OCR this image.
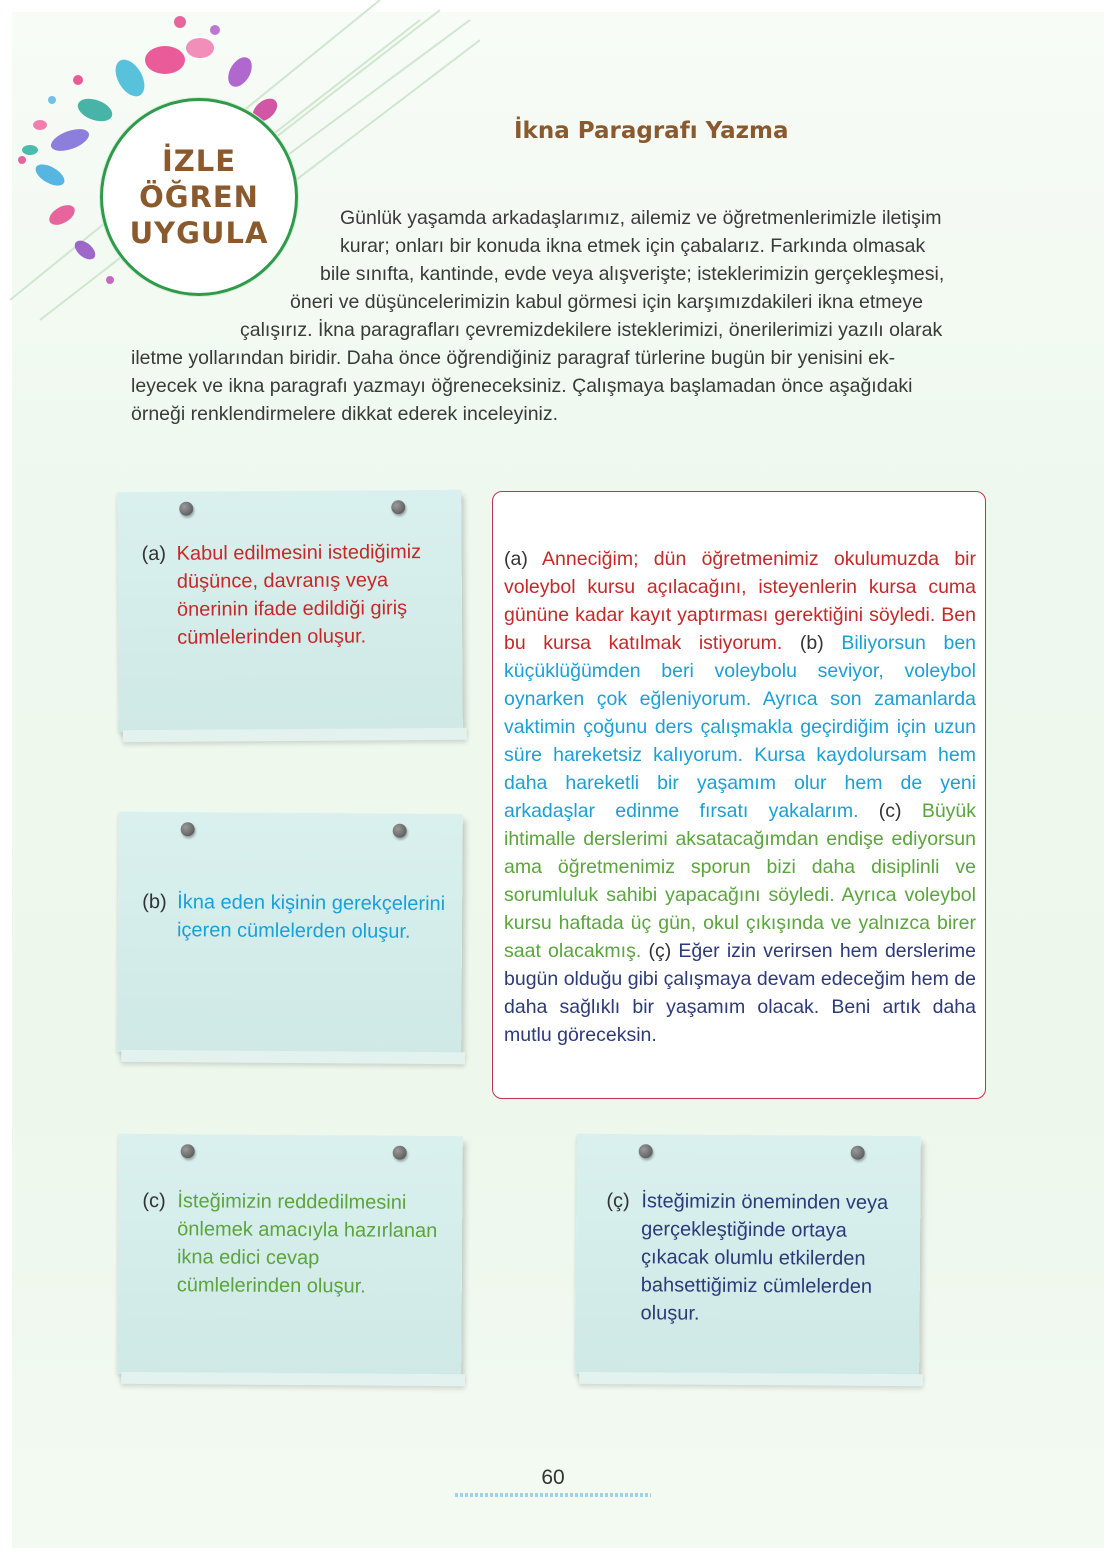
İZLE
ÖĞREN
UYGULA
İkna Paragrafı Yazma
Günlük yaşamda arkadaşlarımız, ailemiz ve öğretmenlerimizle iletişim
kurar; onları bir konuda ikna etmek için çabalarız. Farkında olmasak
bile sınıfta, kantinde, evde veya alışverişte; isteklerimizin gerçekleşmesi,
öneri ve düşüncelerimizin kabul görmesi için karşımızdakileri ikna etmeye
çalışırız. İkna paragrafları çevremizdekilere isteklerimizi, önerilerimizi yazılı olarak
iletme yollarından biridir. Daha önce öğrendiğiniz paragraf türlerine bugün bir yenisini ek-
leyecek ve ikna paragrafı yazmayı öğreneceksiniz. Çalışmaya başlamadan önce aşağıdaki
örneği renklendirmelere dikkat ederek inceleyiniz.
(a) Kabul edilmesini istediğimiz düşünce, davranış veya önerinin ifade edildiği giriş cümlelerinden oluşur.
(b) İkna eden kişinin gerekçelerini içeren cümlelerden oluşur.
(c) İsteğimizin reddedilmesini önlemek amacıyla hazırlanan ikna edici cevap cümlelerinden oluşur.
(ç) İsteğimizin öneminden veya gerçekleştiğinde ortaya çıkacak olumlu etkilerden bahsettiğimiz cümlelerden oluşur.
(a) Anneciğim; dün öğretmenimiz okulumuzda bir voleybol kursu açılacağını, isteyenlerin kursa cuma gününe kadar kayıt yaptırması gerektiğini söyledi. Ben bu kursa katılmak istiyorum. (b) Biliyorsun ben küçüklüğümden beri voleybolu seviyor, voleybol oynarken çok eğleniyorum. Ayrıca son zamanlarda vaktimin çoğunu ders çalışmakla geçirdiğim için uzun süre hareketsiz kalıyorum. Kursa kaydolursam hem daha hareketli bir yaşamım olur hem de yeni arkadaşlar edinme fırsatı yakalarım. (c) Büyük ihtimalle derslerimi aksatacağımdan endişe ediyorsun ama öğretmenimiz sporun bizi daha disiplinli ve sorumluluk sahibi yapacağını söyledi. Ayrıca voleybol kursu haftada üç gün, okul çıkışında ve yalnızca birer saat olacakmış. (ç) Eğer izin verirsen hem derslerime bugün olduğu gibi çalışmaya devam edeceğim hem de daha sağlıklı bir yaşamım olacak. Beni artık daha mutlu göreceksin.
60
